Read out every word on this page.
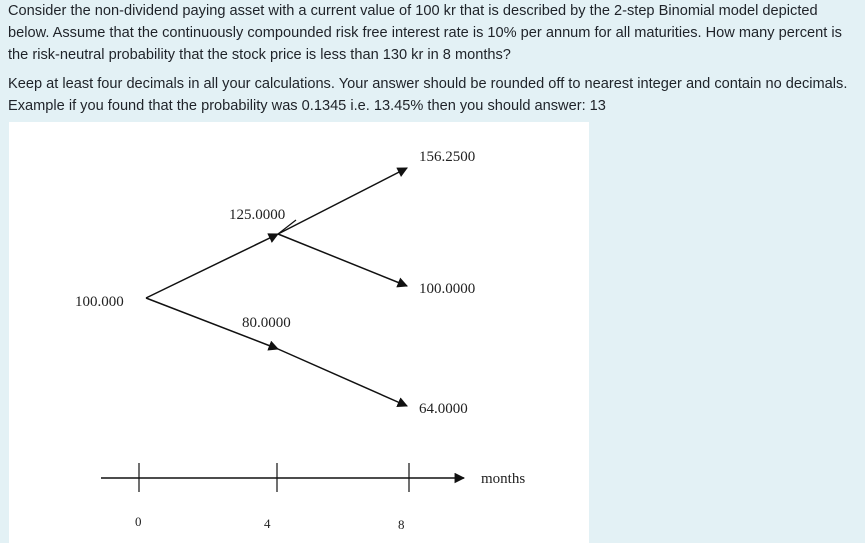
Consider the non-dividend paying asset with a current value of 100 kr that is described by the 2-step Binomial model depicted below. Assume that the continuously compounded risk free interest rate is 10% per annum for all maturities. How many percent is the risk-neutral probability that the stock price is less than 130 kr in 8 months?

Keep at least four decimals in all your calculations. Your answer should be rounded off to nearest integer and contain no decimals. Example if you found that the probability was 0.1345 i.e. 13.45% then you should answer: 13

100.000
125.0000
80.0000
156.2500
100.0000
64.0000
months
0	4	8
